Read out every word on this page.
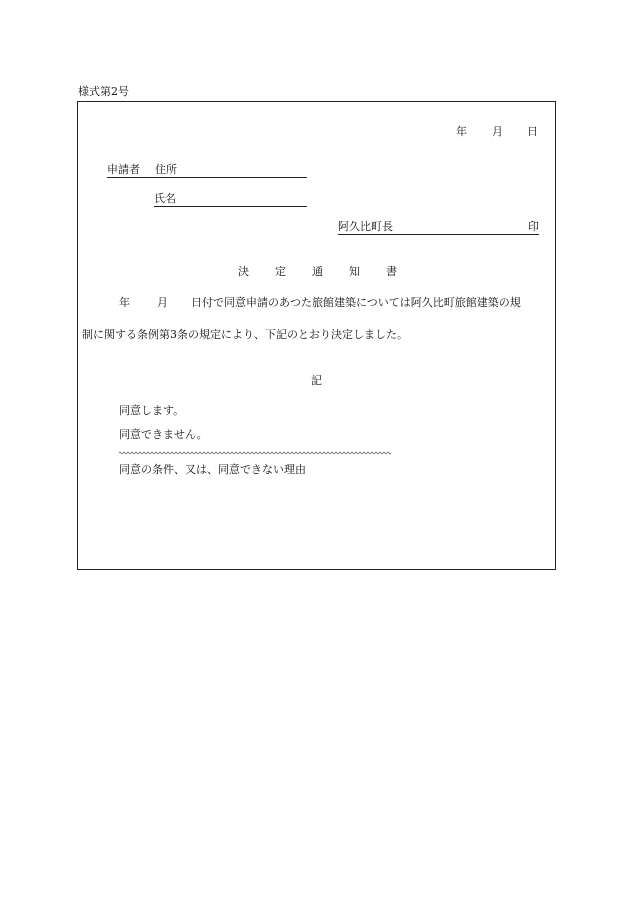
様式第2号
年 月 日
申請者 住所
氏名
阿久比町長	印
決 定 通 知 書
年 月 日付で同意申請のあつた旅館建築については阿久比町旅館建築の規
制に関する条例第3条の規定により、下記のとおり決定しました。
記
同意します。
同意できません。
同意の条件、又は、同意できない理由
